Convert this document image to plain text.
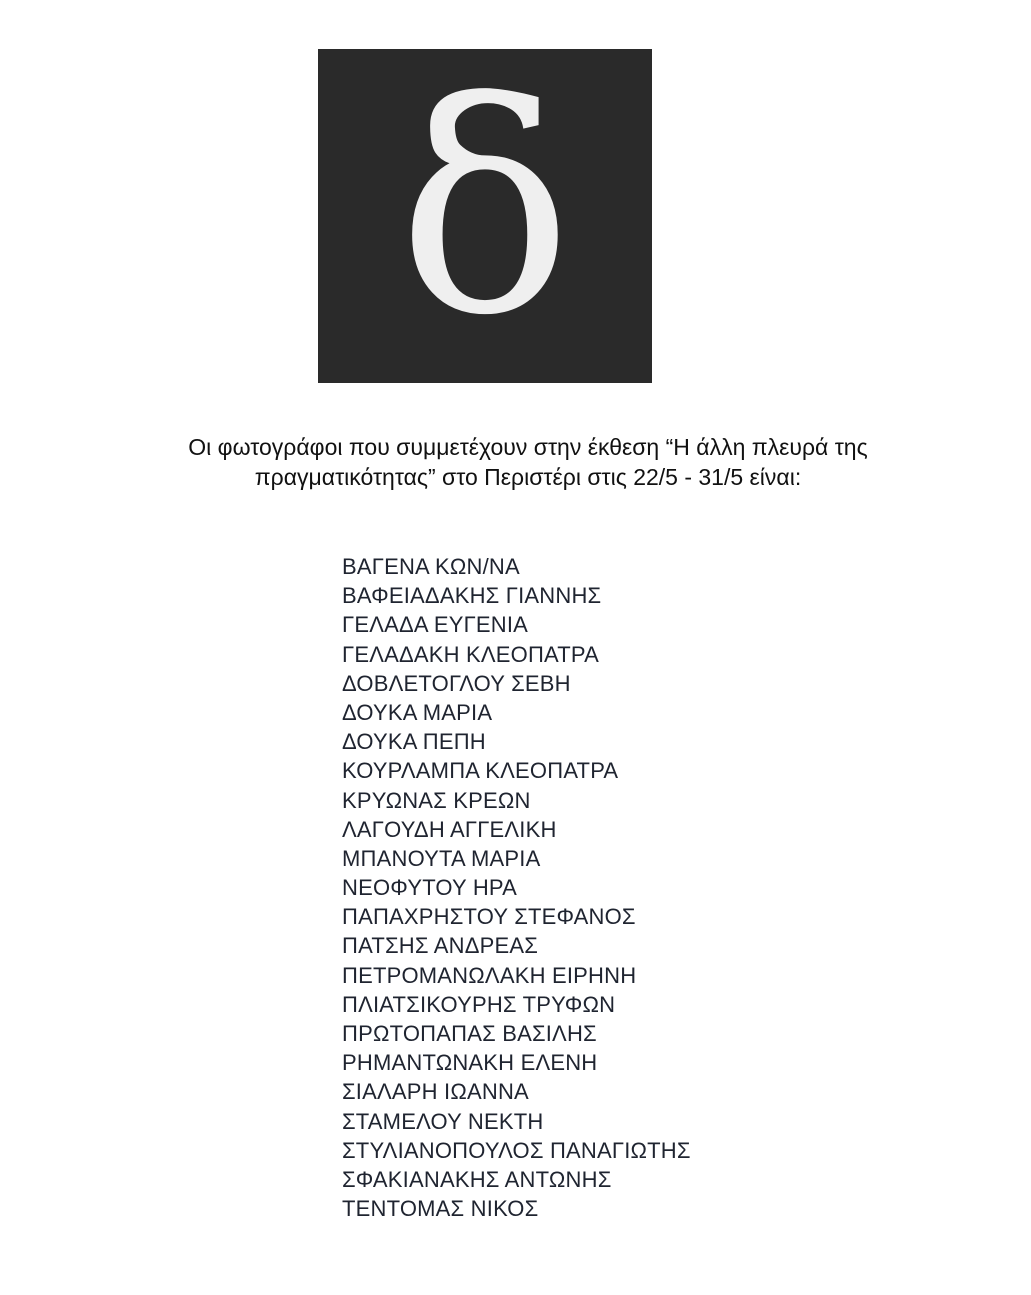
δ
Οι φωτογράφοι που συμμετέχουν στην έκθεση “Η άλλη πλευρά της
πραγματικότητας” στο Περιστέρι στις 22/5 - 31/5 είναι:
ΒΑΓΕΝΑ ΚΩΝ/ΝΑ
ΒΑΦΕΙΑΔΑΚΗΣ ΓΙΑΝΝΗΣ
ΓΕΛΑΔΑ ΕΥΓΕΝΙΑ
ΓΕΛΑΔΑΚΗ ΚΛΕΟΠΑΤΡΑ
ΔΟΒΛΕΤΟΓΛΟΥ ΣΕΒΗ
ΔΟΥΚΑ ΜΑΡΙΑ
ΔΟΥΚΑ ΠΕΠΗ
ΚΟΥΡΛΑΜΠΑ ΚΛΕΟΠΑΤΡΑ
ΚΡΥΩΝΑΣ ΚΡΕΩΝ
ΛΑΓΟΥΔΗ ΑΓΓΕΛΙΚΗ
ΜΠΑΝΟΥΤΑ ΜΑΡΙΑ
ΝΕΟΦΥΤΟΥ ΗΡΑ
ΠΑΠΑΧΡΗΣΤΟΥ ΣΤΕΦΑΝΟΣ
ΠΑΤΣΗΣ ΑΝΔΡΕΑΣ
ΠΕΤΡΟΜΑΝΩΛΑΚΗ ΕΙΡΗΝΗ
ΠΛΙΑΤΣΙΚΟΥΡΗΣ ΤΡΥΦΩΝ
ΠΡΩΤΟΠΑΠΑΣ ΒΑΣΙΛΗΣ
ΡΗΜΑΝΤΩΝΑΚΗ ΕΛΕΝΗ
ΣΙΑΛΑΡΗ ΙΩΑΝΝΑ
ΣΤΑΜΕΛΟΥ ΝΕΚΤΗ
ΣΤΥΛΙΑΝΟΠΟΥΛΟΣ ΠΑΝΑΓΙΩΤΗΣ
ΣΦΑΚΙΑΝΑΚΗΣ ΑΝΤΩΝΗΣ
ΤΕΝΤΟΜΑΣ ΝΙΚΟΣ
